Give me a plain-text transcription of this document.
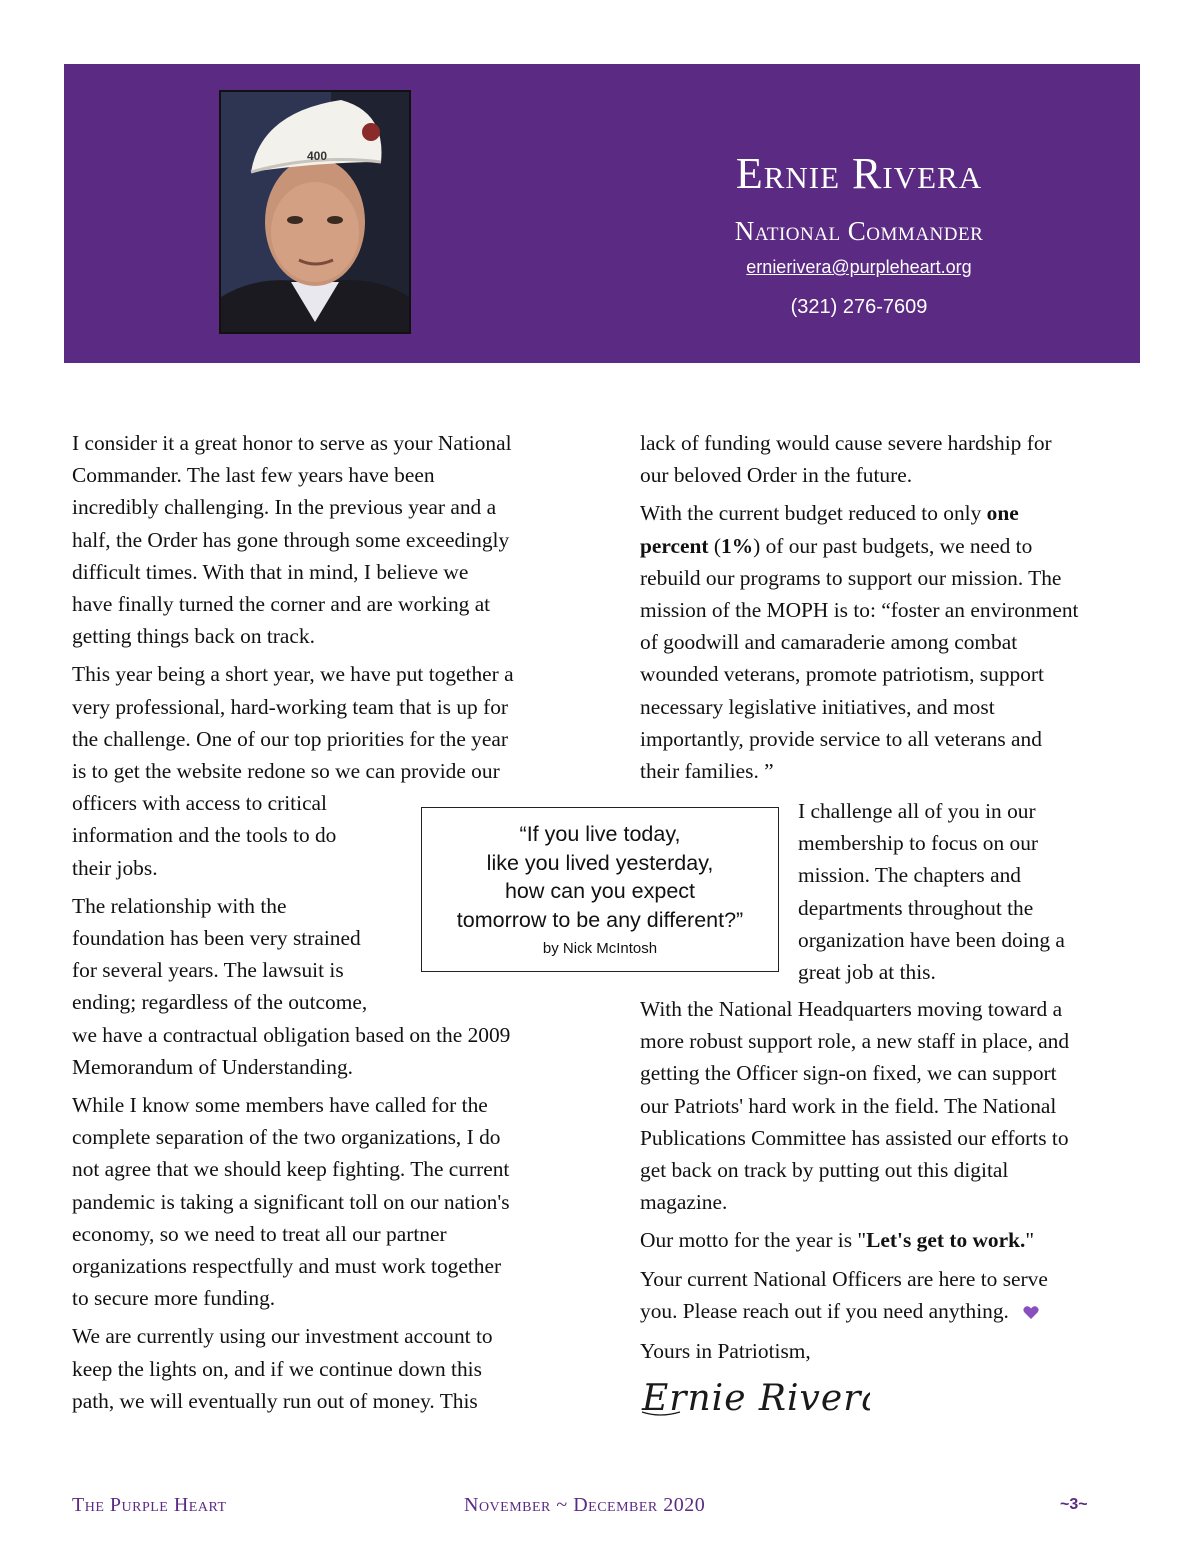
400	Ernie Rivera
National Commander
ernierivera@purpleheart.org
(321) 276-7609

I consider it a great honor to serve as your National
Commander. The last few years have been
incredibly challenging. In the previous year and a
half, the Order has gone through some exceedingly
difficult times. With that in mind, I believe we
have finally turned the corner and are working at
getting things back on track.

This year being a short year, we have put together a
very professional, hard-working team that is up for
the challenge. One of our top priorities for the year
is to get the website redone so we can provide our
officers with access to critical
information and the tools to do
their jobs.

The relationship with the
foundation has been very strained
for several years. The lawsuit is
ending; regardless of the outcome,
we have a contractual obligation based on the 2009
Memorandum of Understanding.

While I know some members have called for the
complete separation of the two organizations, I do
not agree that we should keep fighting. The current
pandemic is taking a significant toll on our nation's
economy, so we need to treat all our partner
organizations respectfully and must work together
to secure more funding.

We are currently using our investment account to
keep the lights on, and if we continue down this
path, we will eventually run out of money. This

“If you live today,
like you lived yesterday,
how can you expect
tomorrow to be any different?”
by Nick McIntosh

lack of funding would cause severe hardship for
our beloved Order in the future.

With the current budget reduced to only one
percent (1%) of our past budgets, we need to
rebuild our programs to support our mission. The
mission of the MOPH is to: “foster an environment
of goodwill and camaraderie among combat
wounded veterans, promote patriotism, support
necessary legislative initiatives, and most
importantly, provide service to all veterans and
their families. ”

I challenge all of you in our
membership to focus on our
mission. The chapters and
departments throughout the
organization have been doing a
great job at this.

With the National Headquarters moving toward a
more robust support role, a new staff in place, and
getting the Officer sign-on fixed, we can support
our Patriots' hard work in the field. The National
Publications Committee has assisted our efforts to
get back on track by putting out this digital
magazine.

Our motto for the year is "Let's get to work."

Your current National Officers are here to serve
you. Please reach out if you need anything.

Yours in Patriotism,

Ernie Rivera
The Purple Heart	November ~ December 2020	~3~
